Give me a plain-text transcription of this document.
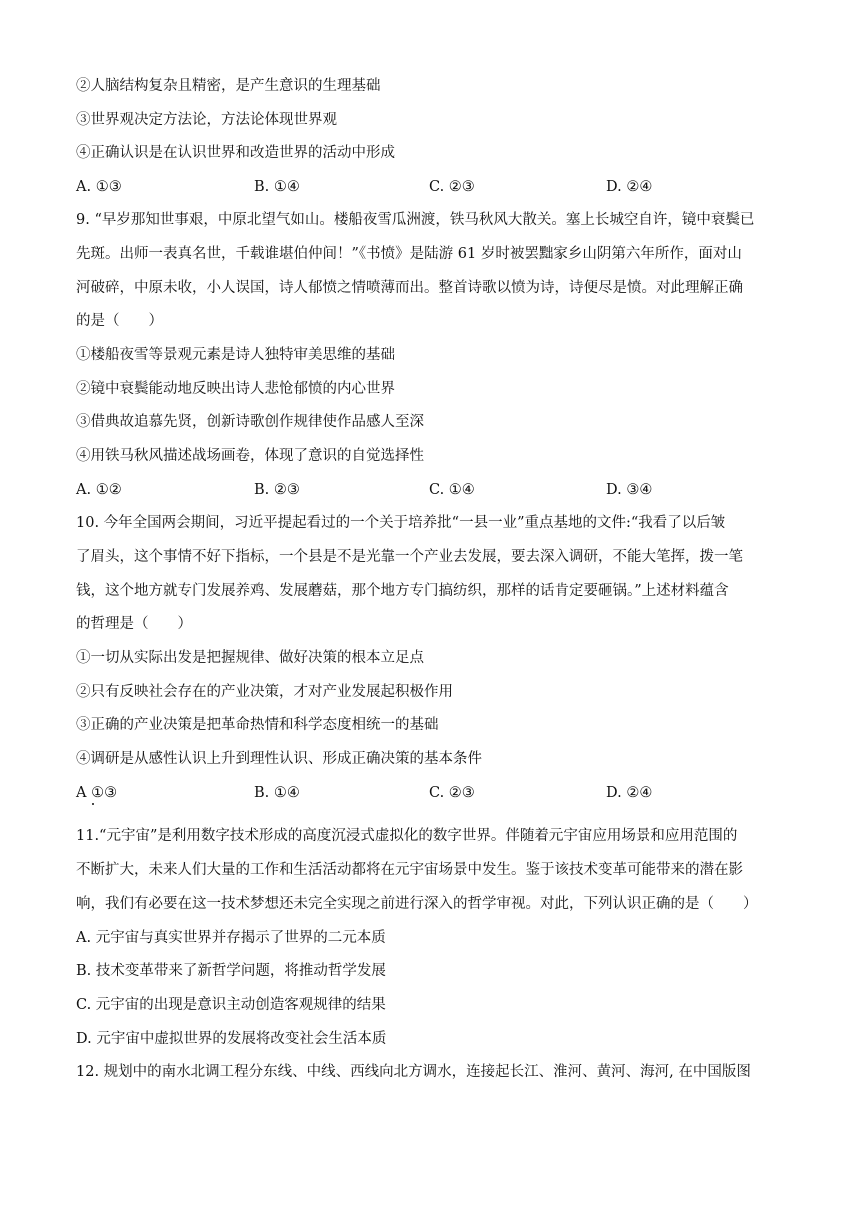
②人脑结构复杂且精密，是产生意识的生理基础
③世界观决定方法论，方法论体现世界观
④正确认识是在认识世界和改造世界的活动中形成
A. ①③	B. ①④	C. ②③	D. ②④
9. “早岁那知世事艰，中原北望气如山。楼船夜雪瓜洲渡，铁马秋风大散关。塞上长城空自许，镜中衰鬓已
先斑。出师一表真名世，千载谁堪伯仲间！”《书愤》是陆游 61 岁时被罢黜家乡山阴第六年所作，面对山
河破碎，中原未收，小人误国，诗人郁愤之情喷薄而出。整首诗歌以愤为诗，诗便尽是愤。对此理解正确
的是（　　）
①楼船夜雪等景观元素是诗人独特审美思维的基础
②镜中衰鬓能动地反映出诗人悲怆郁愤的内心世界
③借典故追慕先贤，创新诗歌创作规律使作品感人至深
④用铁马秋风描述战场画卷，体现了意识的自觉选择性
A. ①②	B. ②③	C. ①④	D. ③④
10. 今年全国两会期间，习近平提起看过的一个关于培养批“一县一业”重点基地的文件:“我看了以后皱
了眉头，这个事情不好下指标，一个县是不是光靠一个产业去发展，要去深入调研，不能大笔挥，拨一笔
钱，这个地方就专门发展养鸡、发展蘑菇，那个地方专门搞纺织，那样的话肯定要砸锅。”上述材料蕴含
的哲理是（　　）
①一切从实际出发是把握规律、做好决策的根本立足点
②只有反映社会存在的产业决策，才对产业发展起积极作用
③正确的产业决策是把革命热情和科学态度相统一的基础
④调研是从感性认识上升到理性认识、形成正确决策的基本条件
A ①③	B. ①④	C. ②③	D. ②④
11.“元宇宙”是利用数字技术形成的高度沉浸式虚拟化的数字世界。伴随着元宇宙应用场景和应用范围的
不断扩大，未来人们大量的工作和生活活动都将在元宇宙场景中发生。鉴于该技术变革可能带来的潜在影
响，我们有必要在这一技术梦想还未完全实现之前进行深入的哲学审视。对此，下列认识正确的是（　　）
A. 元宇宙与真实世界并存揭示了世界的二元本质
B. 技术变革带来了新哲学问题，将推动哲学发展
C. 元宇宙的出现是意识主动创造客观规律的结果
D. 元宇宙中虚拟世界的发展将改变社会生活本质
12. 规划中的南水北调工程分东线、中线、西线向北方调水，连接起长江、淮河、黄河、海河, 在中国版图
